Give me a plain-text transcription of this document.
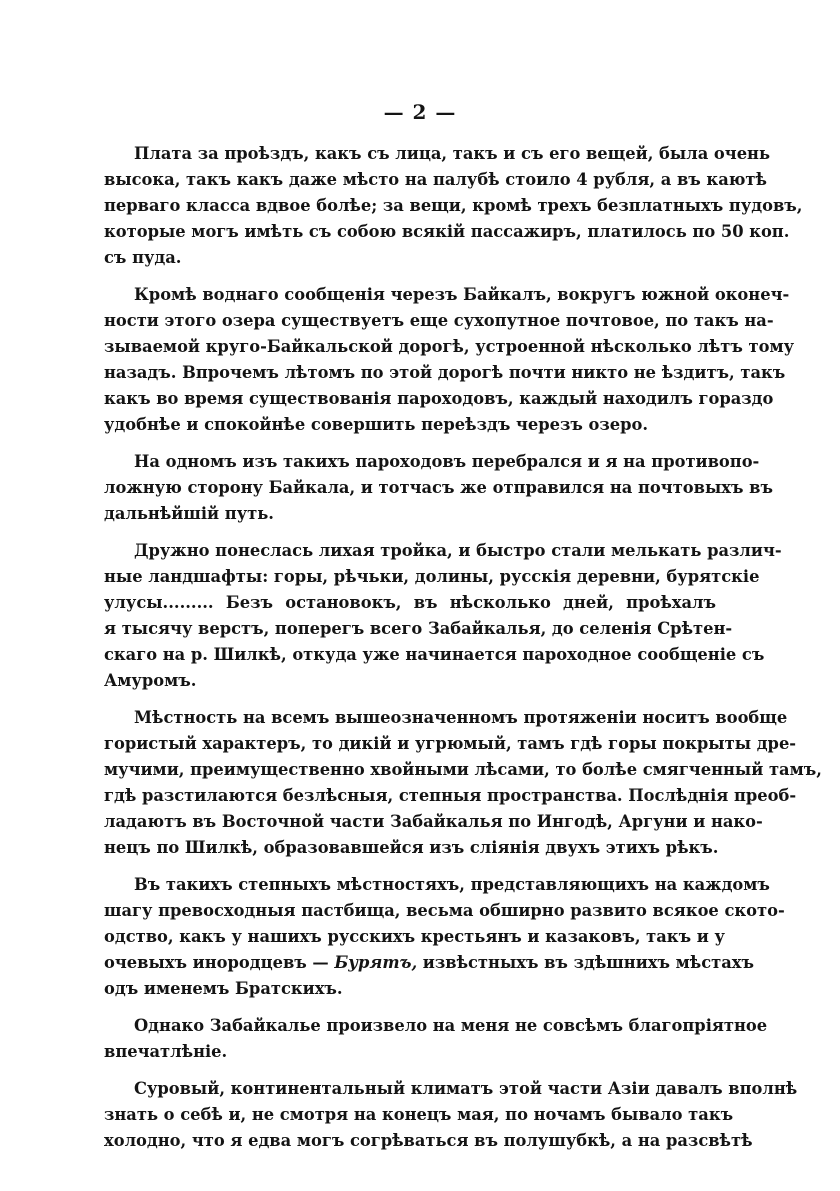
— 2 —
Плата за проѣздъ, какъ съ лица, такъ и съ его вещей, была очень
высока, такъ какъ даже мѣсто на палубѣ стоило 4 рубля, а въ каютѣ
перваго класса вдвое болѣе; за вещи, кромѣ трехъ безплатныхъ пудовъ,
которые могъ имѣть съ собою всякій пассажиръ, платилось по 50 коп.
съ пуда.
Кромѣ воднаго сообщенія черезъ Байкалъ, вокругъ южной оконеч-
ности этого озера существуетъ еще сухопутное почтовое, по такъ на-
зываемой круго-Байкальской дорогѣ, устроенной нѣсколько лѣтъ тому
назадъ. Впрочемъ лѣтомъ по этой дорогѣ почти никто не ѣздитъ, такъ
какъ во время существованія пароходовъ, каждый находилъ гораздо
удобнѣе и спокойнѣе совершить переѣздъ черезъ озеро.
На одномъ изъ такихъ пароходовъ перебрался и я на противопо-
ложную сторону Байкала, и тотчасъ же отправился на почтовыхъ въ
дальнѣйшій путь.
Дружно понеслась лихая тройка, и быстро стали мелькать различ-
ные ландшафты: горы, рѣчьки, долины, русскія деревни, бурятскіе
улусы......... Безъ остановокъ, въ нѣсколько дней, проѣхалъ
я тысячу верстъ, поперегъ всего Забайкалья, до селенія Срѣтен-
скаго на р. Шилкѣ, откуда уже начинается пароходное сообщеніе съ
Амуромъ.
Мѣстность на всемъ вышеозначенномъ протяженіи носитъ вообще
гористый характеръ, то дикій и угрюмый, тамъ гдѣ горы покрыты дре-
мучими, преимущественно хвойными лѣсами, то болѣе смягченный тамъ,
гдѣ разстилаются безлѣсныя, степныя пространства. Послѣднія преоб-
ладаютъ въ Восточной части Забайкалья по Ингодѣ, Аргуни и нако-
нецъ по Шилкѣ, образовавшейся изъ сліянія двухъ этихъ рѣкъ.
Въ такихъ степныхъ мѣстностяхъ, представляющихъ на каждомъ
шагу превосходныя пастбища, весьма обширно развито всякое ското-
одство, какъ у нашихъ русскихъ крестьянъ и казаковъ, такъ и у
очевыхъ инородцевъ — Бурятъ, извѣстныхъ въ здѣшнихъ мѣстахъ
одъ именемъ Братскихъ.
Однако Забайкалье произвело на меня не совсѣмъ благопріятное
впечатлѣніе.
Суровый, континентальный климатъ этой части Азіи давалъ вполнѣ
знать о себѣ и, не смотря на конецъ мая, по ночамъ бывало такъ
холодно, что я едва могъ согрѣваться въ полушубкѣ, а на разсвѣтѣ
